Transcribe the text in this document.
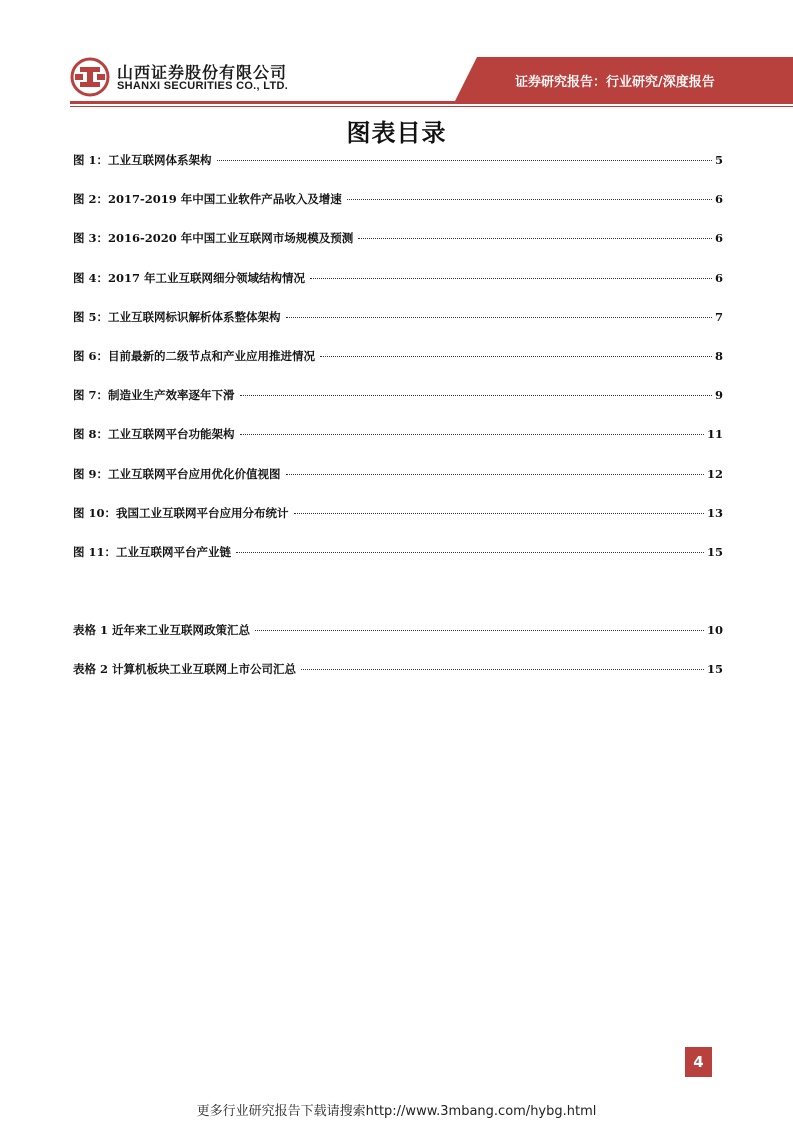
山西证券股份有限公司
SHANXI SECURITIES CO., LTD.	证券研究报告：行业研究/深度报告
图表目录
图 1：工业互联网体系架构	5
图 2：2017-2019 年中国工业软件产品收入及增速	6
图 3：2016-2020 年中国工业互联网市场规模及预测	6
图 4：2017 年工业互联网细分领域结构情况	6
图 5：工业互联网标识解析体系整体架构	7
图 6：目前最新的二级节点和产业应用推进情况	8
图 7：制造业生产效率逐年下滑	9
图 8：工业互联网平台功能架构	11
图 9：工业互联网平台应用优化价值视图	12
图 10：我国工业互联网平台应用分布统计	13
图 11：工业互联网平台产业链	15
表格 1 近年来工业互联网政策汇总	10
表格 2 计算机板块工业互联网上市公司汇总	15
4
更多行业研究报告下载请搜索http://www.3mbang.com/hybg.html
